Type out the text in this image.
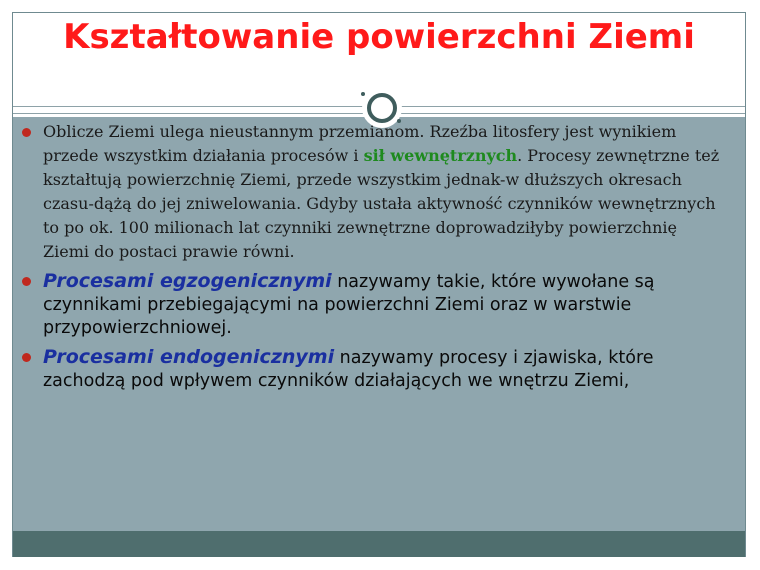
Kształtowanie powierzchni Ziemi
Oblicze Ziemi ulega nieustannym przemianom. Rzeźba litosfery jest wynikiem przede wszystkim działania procesów i sił wewnętrznych. Procesy zewnętrzne też kształtują powierzchnię Ziemi, przede wszystkim jednak-w dłuższych okresach czasu-dążą do jej zniwelowania. Gdyby ustała aktywność czynników wewnętrznych to po ok. 100 milionach lat czynniki zewnętrzne doprowadziłyby powierzchnię Ziemi do postaci prawie równi.
Procesami egzogenicznymi nazywamy takie, które wywołane są czynnikami przebiegającymi na powierzchni Ziemi oraz w warstwie przypowierzchniowej.
Procesami endogenicznymi nazywamy procesy i zjawiska, które zachodzą pod wpływem czynników działających we wnętrzu Ziemi,
